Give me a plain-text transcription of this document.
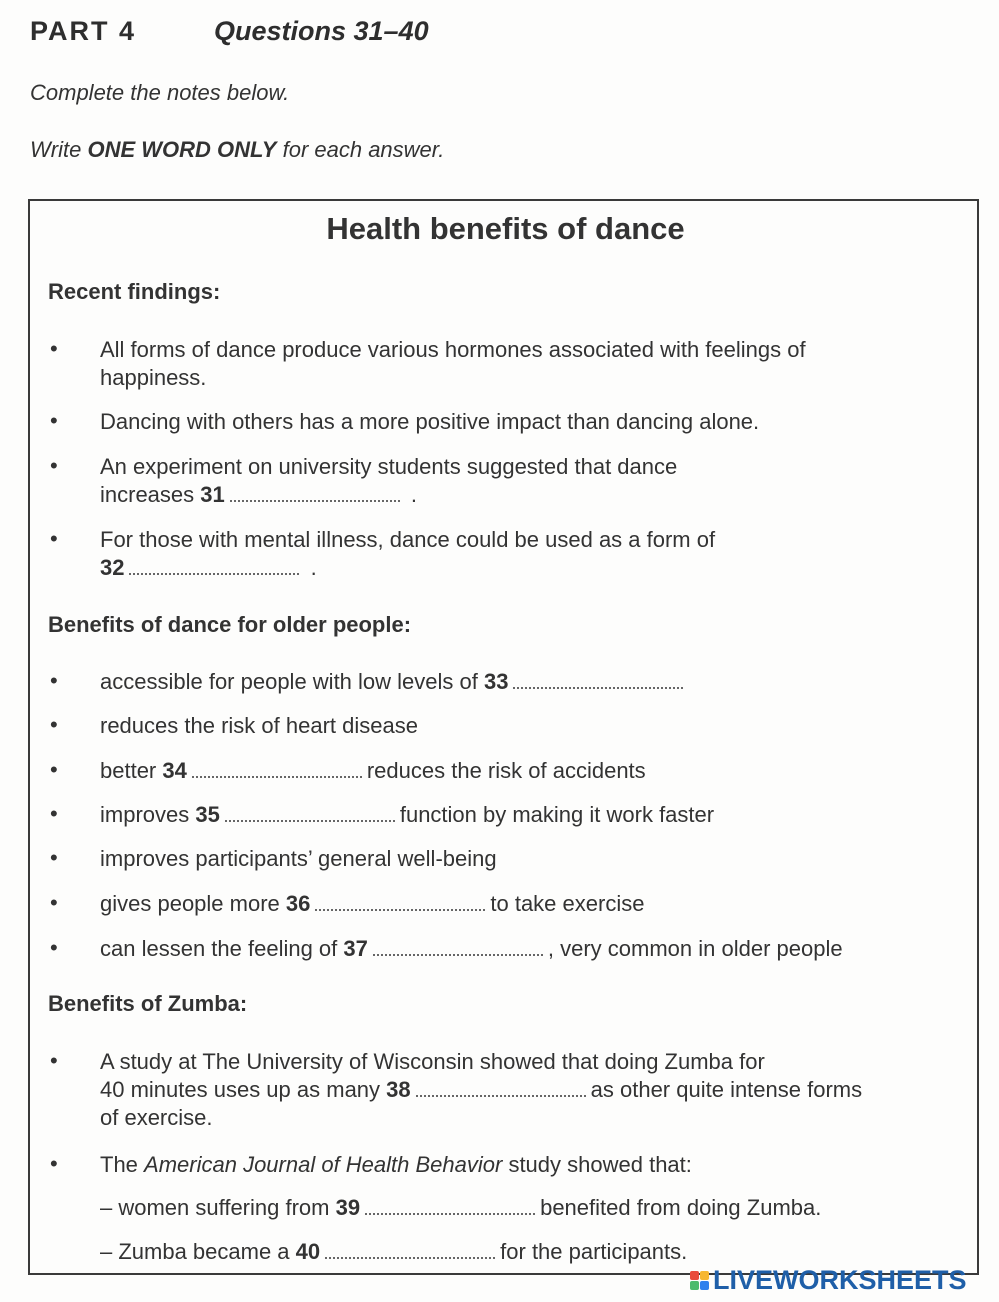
PART 4	Questions 31–40
Complete the notes below.
Write ONE WORD ONLY for each answer.
Health benefits of dance
Recent findings:
• All forms of dance produce various hormones associated with feelings of
happiness.
• Dancing with others has a more positive impact than dancing alone.
• An experiment on university students suggested that dance
increases 31	.
• For those with mental illness, dance could be used as a form of
32	.
Benefits of dance for older people:
• accessible for people with low levels of 33
• reduces the risk of heart disease
• better 34	reduces the risk of accidents
• improves 35	function by making it work faster
• improves participants’ general well-being
• gives people more 36	to take exercise
• can lessen the feeling of 37	, very common in older people
Benefits of Zumba:
• A study at The University of Wisconsin showed that doing Zumba for
40 minutes uses up as many 38	as other quite intense forms
of exercise.
• The American Journal of Health Behavior study showed that:
– women suffering from 39	benefited from doing Zumba.
– Zumba became a 40	for the participants.
LIVEWORKSHEETS
